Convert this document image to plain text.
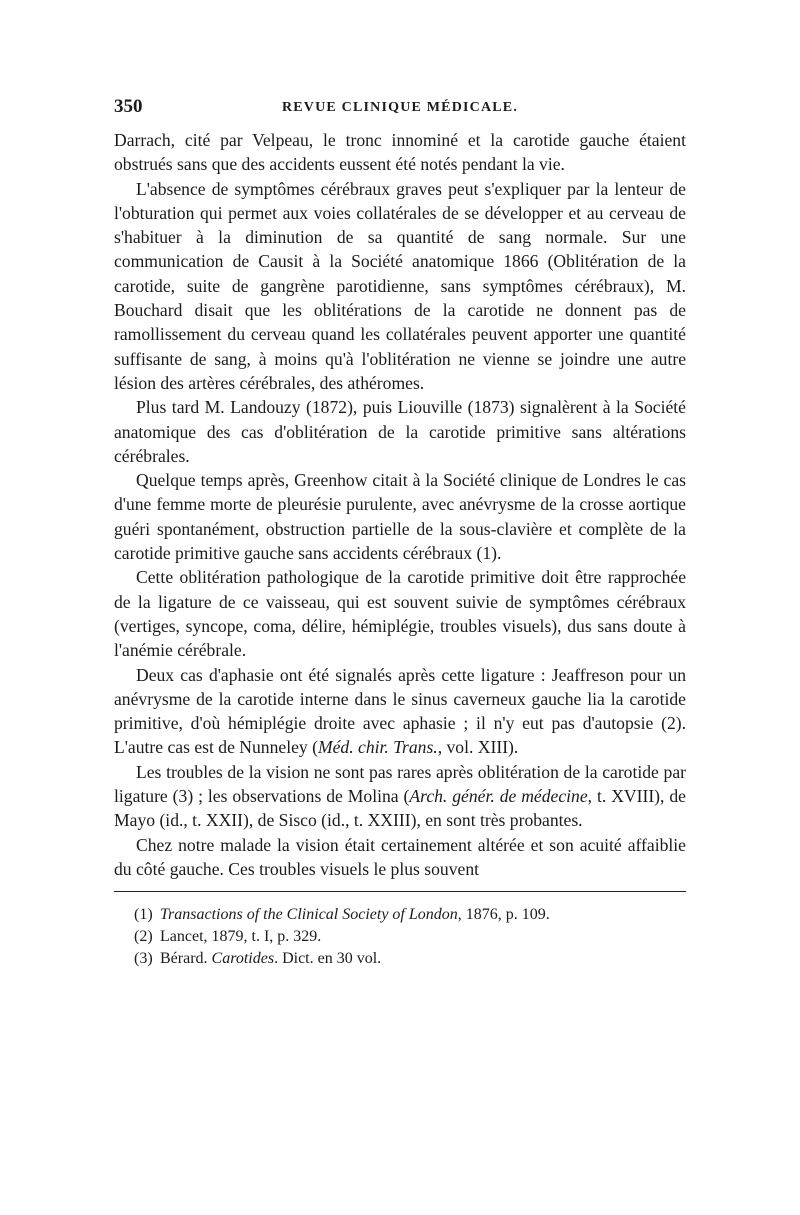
350	REVUE CLINIQUE MÉDICALE.

Darrach, cité par Velpeau, le tronc innominé et la carotide gauche étaient obstrués sans que des accidents eussent été notés pendant la vie.

L'absence de symptômes cérébraux graves peut s'expliquer par la lenteur de l'obturation qui permet aux voies collatérales de se développer et au cerveau de s'habituer à la diminution de sa quantité de sang normale. Sur une communication de Causit à la Société anatomique 1866 (Oblitération de la carotide, suite de gangrène parotidienne, sans symptômes cérébraux), M. Bouchard disait que les oblitérations de la carotide ne donnent pas de ramollissement du cerveau quand les collatérales peuvent apporter une quantité suffisante de sang, à moins qu'à l'oblitération ne vienne se joindre une autre lésion des artères cérébrales, des athéromes.

Plus tard M. Landouzy (1872), puis Liouville (1873) signalèrent à la Société anatomique des cas d'oblitération de la carotide primitive sans altérations cérébrales.

Quelque temps après, Greenhow citait à la Société clinique de Londres le cas d'une femme morte de pleurésie purulente, avec anévrysme de la crosse aortique guéri spontanément, obstruction partielle de la sous-clavière et complète de la carotide primitive gauche sans accidents cérébraux (1).

Cette oblitération pathologique de la carotide primitive doit être rapprochée de la ligature de ce vaisseau, qui est souvent suivie de symptômes cérébraux (vertiges, syncope, coma, délire, hémiplégie, troubles visuels), dus sans doute à l'anémie cérébrale.

Deux cas d'aphasie ont été signalés après cette ligature : Jeaffreson pour un anévrysme de la carotide interne dans le sinus caverneux gauche lia la carotide primitive, d'où hémiplégie droite avec aphasie ; il n'y eut pas d'autopsie (2). L'autre cas est de Nunneley (Méd. chir. Trans., vol. XIII).

Les troubles de la vision ne sont pas rares après oblitération de la carotide par ligature (3) ; les observations de Molina (Arch. génér. de médecine, t. XVIII), de Mayo (id., t. XXII), de Sisco (id., t. XXIII), en sont très probantes.

Chez notre malade la vision était certainement altérée et son acuité affaiblie du côté gauche. Ces troubles visuels le plus souvent

(1) Transactions of the Clinical Society of London, 1876, p. 109.

(2) Lancet, 1879, t. I, p. 329.

(3) Bérard. Carotides. Dict. en 30 vol.
